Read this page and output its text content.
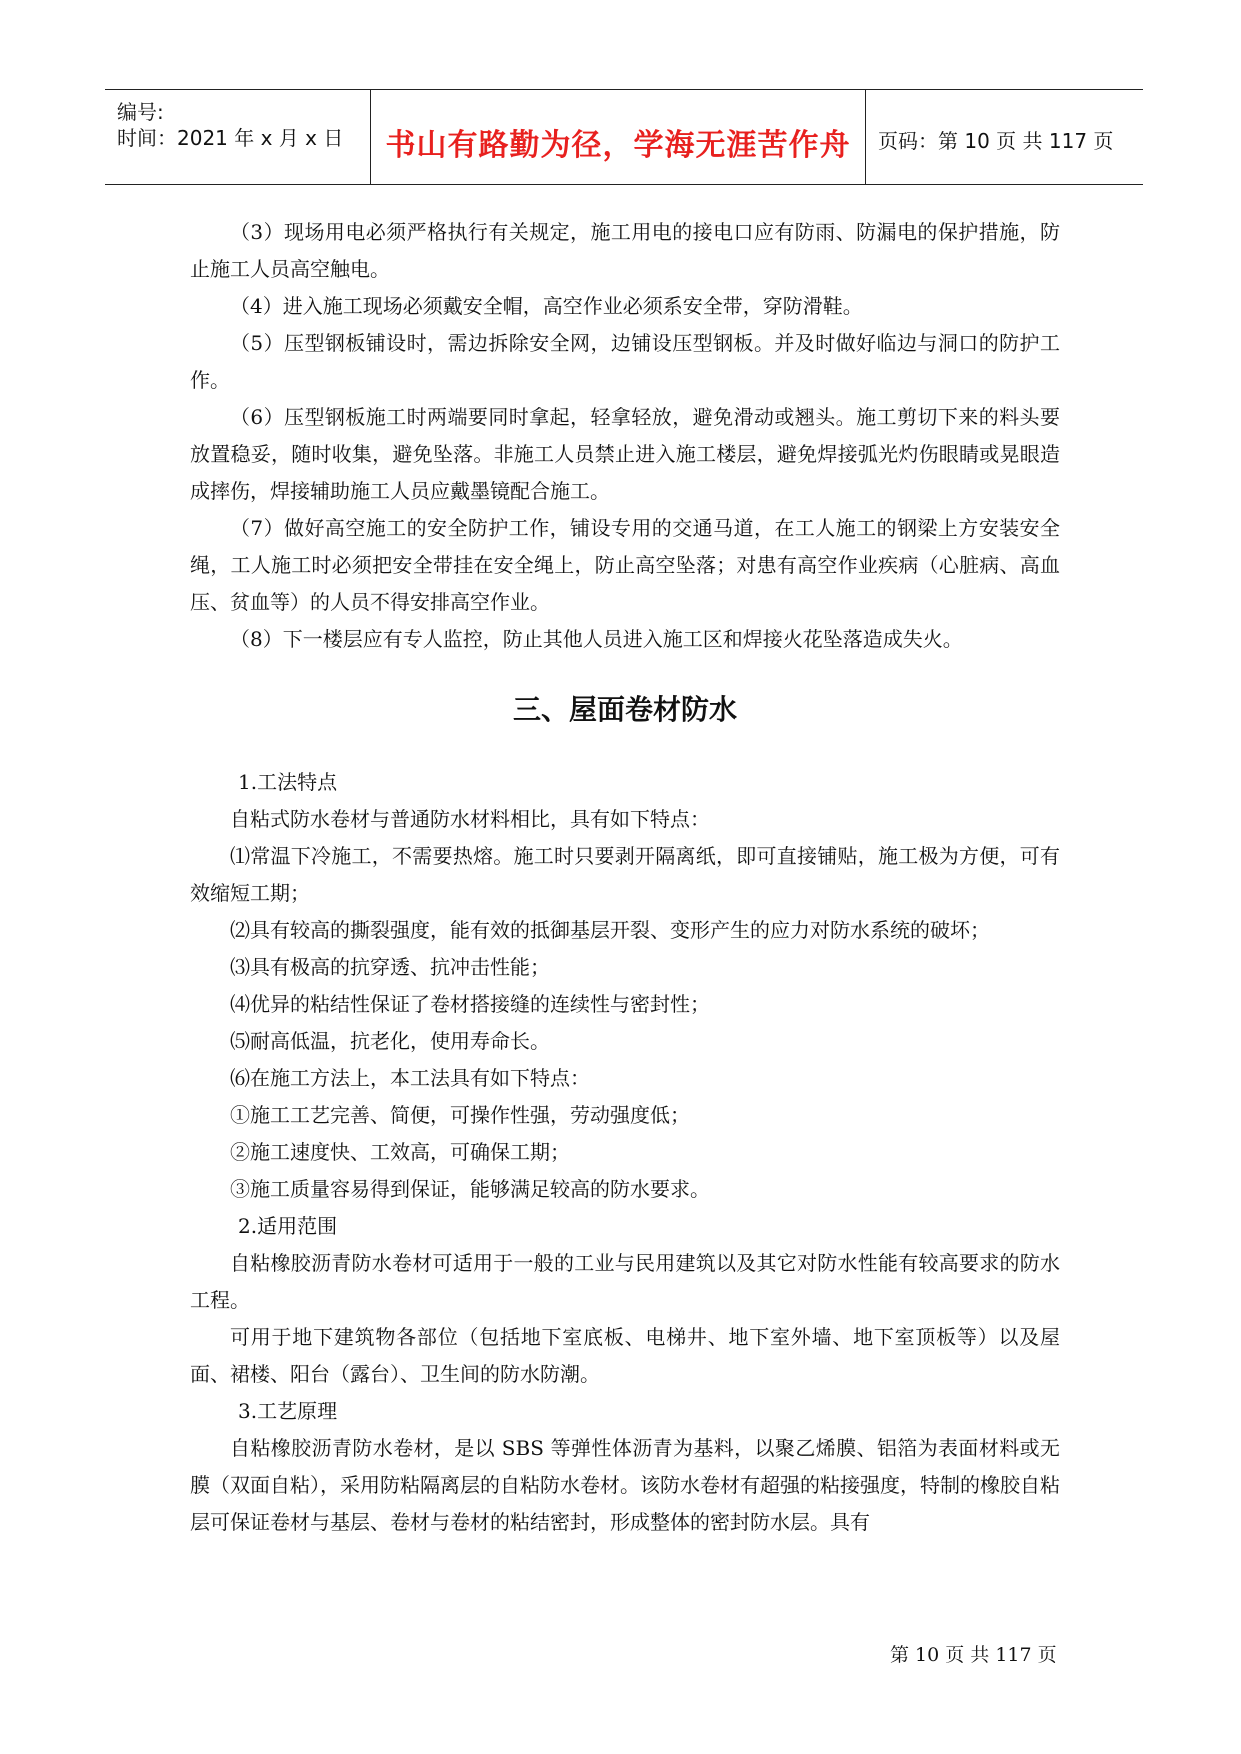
编号:
时间：2021 年 x 月 x 日	书山有路勤为径，学海无涯苦作舟	页码：第 10 页 共 117 页

（3）现场用电必须严格执行有关规定，施工用电的接电口应有防雨、防漏电的保护措施，防止施工人员高空触电。

（4）进入施工现场必须戴安全帽，高空作业必须系安全带，穿防滑鞋。

（5）压型钢板铺设时，需边拆除安全网，边铺设压型钢板。并及时做好临边与洞口的防护工作。

（6）压型钢板施工时两端要同时拿起，轻拿轻放，避免滑动或翘头。施工剪切下来的料头要放置稳妥，随时收集，避免坠落。非施工人员禁止进入施工楼层，避免焊接弧光灼伤眼睛或晃眼造成摔伤，焊接辅助施工人员应戴墨镜配合施工。

（7）做好高空施工的安全防护工作，铺设专用的交通马道，在工人施工的钢梁上方安装安全绳，工人施工时必须把安全带挂在安全绳上，防止高空坠落；对患有高空作业疾病（心脏病、高血压、贫血等）的人员不得安排高空作业。

（8）下一楼层应有专人监控，防止其他人员进入施工区和焊接火花坠落造成失火。

三、屋面卷材防水
1.工法特点

自粘式防水卷材与普通防水材料相比，具有如下特点：

⑴常温下冷施工，不需要热熔。施工时只要剥开隔离纸，即可直接铺贴，施工极为方便，可有效缩短工期；

⑵具有较高的撕裂强度，能有效的抵御基层开裂、变形产生的应力对防水系统的破坏；

⑶具有极高的抗穿透、抗冲击性能；

⑷优异的粘结性保证了卷材搭接缝的连续性与密封性；

⑸耐高低温，抗老化，使用寿命长。

⑹在施工方法上，本工法具有如下特点：

①施工工艺完善、简便，可操作性强，劳动强度低；

②施工速度快、工效高，可确保工期；

③施工质量容易得到保证，能够满足较高的防水要求。

2.适用范围

自粘橡胶沥青防水卷材可适用于一般的工业与民用建筑以及其它对防水性能有较高要求的防水工程。

可用于地下建筑物各部位（包括地下室底板、电梯井、地下室外墙、地下室顶板等）以及屋面、裙楼、阳台（露台）、卫生间的防水防潮。

3.工艺原理

自粘橡胶沥青防水卷材，是以 SBS 等弹性体沥青为基料，以聚乙烯膜、铝箔为表面材料或无膜（双面自粘），采用防粘隔离层的自粘防水卷材。该防水卷材有超强的粘接强度，特制的橡胶自粘层可保证卷材与基层、卷材与卷材的粘结密封，形成整体的密封防水层。具有

第 10 页 共 117 页
